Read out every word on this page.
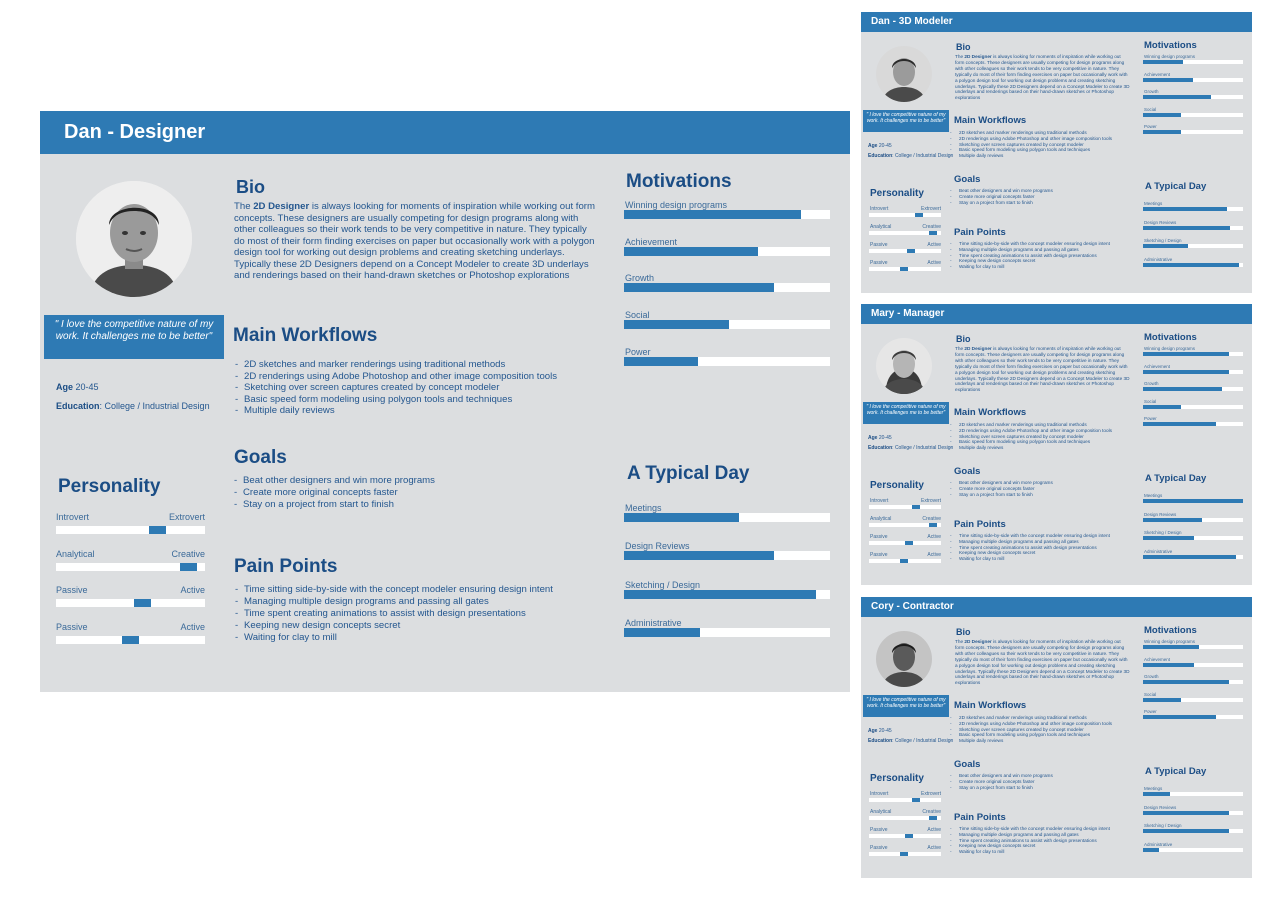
Dan - Designer
" I love the competitive nature of my work. It challenges me to be better"
Age 20-45
Education: College / Industrial Design
Personality
Introvert	Extrovert
Analytical	Creative
Passive	Active
Passive	Active
Bio
The 2D Designer is always looking for moments of inspiration while working out form concepts. These designers are usually competing for design programs along with other colleagues so their work tends to be very competitive in nature. They typically do most of their form finding exercises on paper but occasionally work with a polygon design tool for working out design problems and creating sketching underlays. Typically these 2D Designers depend on a Concept Modeler to create 3D underlays and renderings based on their hand-drawn sketches or Photoshop explorations
Main Workflows
- 2D sketches and marker renderings using traditional methods
- 2D renderings using Adobe Photoshop and other image composition tools
- Sketching over screen captures created by concept modeler
- Basic speed form modeling using polygon tools and techniques
- Multiple daily reviews
Goals
- Beat other designers and win more programs
- Create more original concepts faster
- Stay on a project from start to finish
Pain Points
- Time sitting side-by-side with the concept modeler ensuring design intent
- Managing multiple design programs and passing all gates
- Time spent creating animations to assist with design presentations
- Keeping new design concepts secret
- Waiting for clay to mill
Motivations
Winning design programs
Achievement
Growth
Social
Power
A Typical Day
Meetings
Design Reviews
Sketching / Design
Administrative
Dan - 3D Modeler
" I love the competitive nature of my work. It challenges me to be better"
Age 20-45
Education: College / Industrial Design
Personality
Introvert	Extrovert
Analytical	Creative
Passive	Active
Passive	Active
Bio
The 2D Designer is always looking for moments of inspiration while working out form concepts. These designers are usually competing for design programs along with other colleagues so their work tends to be very competitive in nature. They typically do most of their form finding exercises on paper but occasionally work with a polygon design tool for working out design problems and creating sketching underlays. Typically these 2D Designers depend on a Concept Modeler to create 3D underlays and renderings based on their hand-drawn sketches or Photoshop explorations
Main Workflows
- 2D sketches and marker renderings using traditional methods
- 2D renderings using Adobe Photoshop and other image composition tools
- Sketching over screen captures created by concept modeler
- Basic speed form modeling using polygon tools and techniques
- Multiple daily reviews
Goals
- Beat other designers and win more programs
- Create more original concepts faster
- Stay on a project from start to finish
Pain Points
- Time sitting side-by-side with the concept modeler ensuring design intent
- Managing multiple design programs and passing all gates
- Time spent creating animations to assist with design presentations
- Keeping new design concepts secret
- Waiting for clay to mill
Motivations
Winning design programs
Achievement
Growth
Social
Power
A Typical Day
Meetings
Design Reviews
Sketching / Design
Administrative
Mary - Manager
" I love the competitive nature of my work. It challenges me to be better"
Age 20-45
Education: College / Industrial Design
Personality
Introvert	Extrovert
Analytical	Creative
Passive	Active
Passive	Active
Bio
The 2D Designer is always looking for moments of inspiration while working out form concepts. These designers are usually competing for design programs along with other colleagues so their work tends to be very competitive in nature. They typically do most of their form finding exercises on paper but occasionally work with a polygon design tool for working out design problems and creating sketching underlays. Typically these 2D Designers depend on a Concept Modeler to create 3D underlays and renderings based on their hand-drawn sketches or Photoshop explorations
Main Workflows
- 2D sketches and marker renderings using traditional methods
- 2D renderings using Adobe Photoshop and other image composition tools
- Sketching over screen captures created by concept modeler
- Basic speed form modeling using polygon tools and techniques
- Multiple daily reviews
Goals
- Beat other designers and win more programs
- Create more original concepts faster
- Stay on a project from start to finish
Pain Points
- Time sitting side-by-side with the concept modeler ensuring design intent
- Managing multiple design programs and passing all gates
- Time spent creating animations to assist with design presentations
- Keeping new design concepts secret
- Waiting for clay to mill
Motivations
Winning design programs
Achievement
Growth
Social
Power
A Typical Day
Meetings
Design Reviews
Sketching / Design
Administrative
Cory - Contractor
" I love the competitive nature of my work. It challenges me to be better"
Age 20-45
Education: College / Industrial Design
Personality
Introvert	Extrovert
Analytical	Creative
Passive	Active
Passive	Active
Bio
The 2D Designer is always looking for moments of inspiration while working out form concepts. These designers are usually competing for design programs along with other colleagues so their work tends to be very competitive in nature. They typically do most of their form finding exercises on paper but occasionally work with a polygon design tool for working out design problems and creating sketching underlays. Typically these 2D Designers depend on a Concept Modeler to create 3D underlays and renderings based on their hand-drawn sketches or Photoshop explorations
Main Workflows
- 2D sketches and marker renderings using traditional methods
- 2D renderings using Adobe Photoshop and other image composition tools
- Sketching over screen captures created by concept modeler
- Basic speed form modeling using polygon tools and techniques
- Multiple daily reviews
Goals
- Beat other designers and win more programs
- Create more original concepts faster
- Stay on a project from start to finish
Pain Points
- Time sitting side-by-side with the concept modeler ensuring design intent
- Managing multiple design programs and passing all gates
- Time spent creating animations to assist with design presentations
- Keeping new design concepts secret
- Waiting for clay to mill
Motivations
Winning design programs
Achievement
Growth
Social
Power
A Typical Day
Meetings
Design Reviews
Sketching / Design
Administrative
